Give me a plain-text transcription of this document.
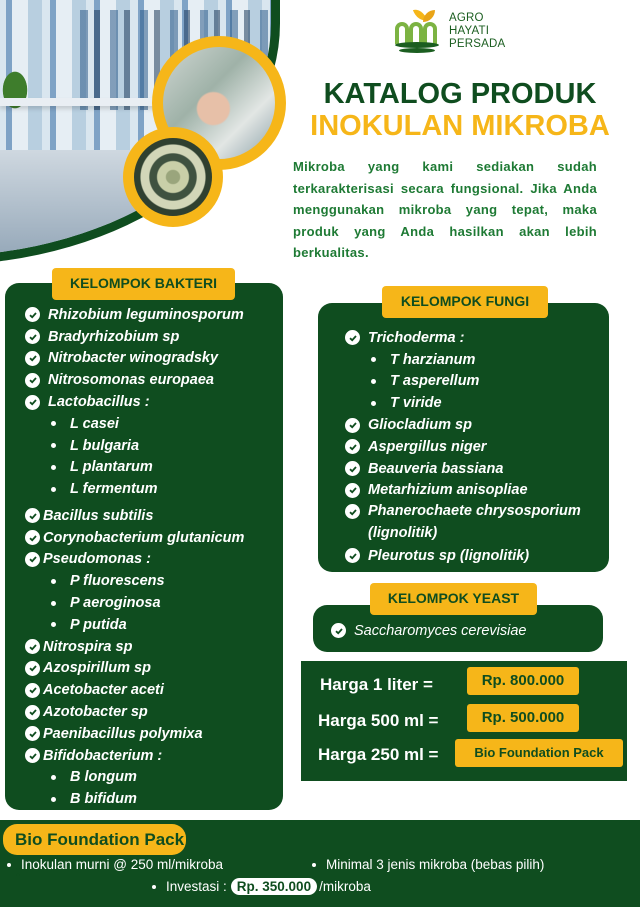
AGRO
HAYATI
PERSADA
KATALOG PRODUK
INOKULAN MIKROBA

Mikroba yang kami sediakan sudah terkarakterisasi secara fungsional. Jika Anda menggunakan mikroba yang tepat, maka produk yang Anda hasilkan akan lebih berkualitas.

KELOMPOK BAKTERI
Rhizobium leguminosporum
Bradyrhizobium sp
Nitrobacter winogradsky
Nitrosomonas europaea
Lactobacillus :
L casei
L bulgaria
L plantarum
L fermentum
Bacillus subtilis
Corynobacterium glutanicum
Pseudomonas :
P fluorescens
P aeroginosa
P putida
Nitrospira sp
Azospirillum sp
Acetobacter aceti
Azotobacter sp
Paenibacillus polymixa
Bifidobacterium :
B longum
B bifidum
KELOMPOK FUNGI
Trichoderma :
T harzianum
T asperellum
T viride
Gliocladium sp
Aspergillus niger
Beauveria bassiana
Metarhizium anisopliae
Phanerochaete chrysosporium
(lignolitik)
Pleurotus sp (lignolitik)
KELOMPOK YEAST
Saccharomyces cerevisiae
Harga 1 liter =	Rp. 800.000
Harga 500 ml =	Rp. 500.000
Harga 250 ml =	Bio Foundation Pack
Bio Foundation Pack : Inokulan murni @ 250 ml/mikroba	Minimal 3 jenis mikroba (bebas pilih)
Investasi : Rp. 350.000 /mikroba
